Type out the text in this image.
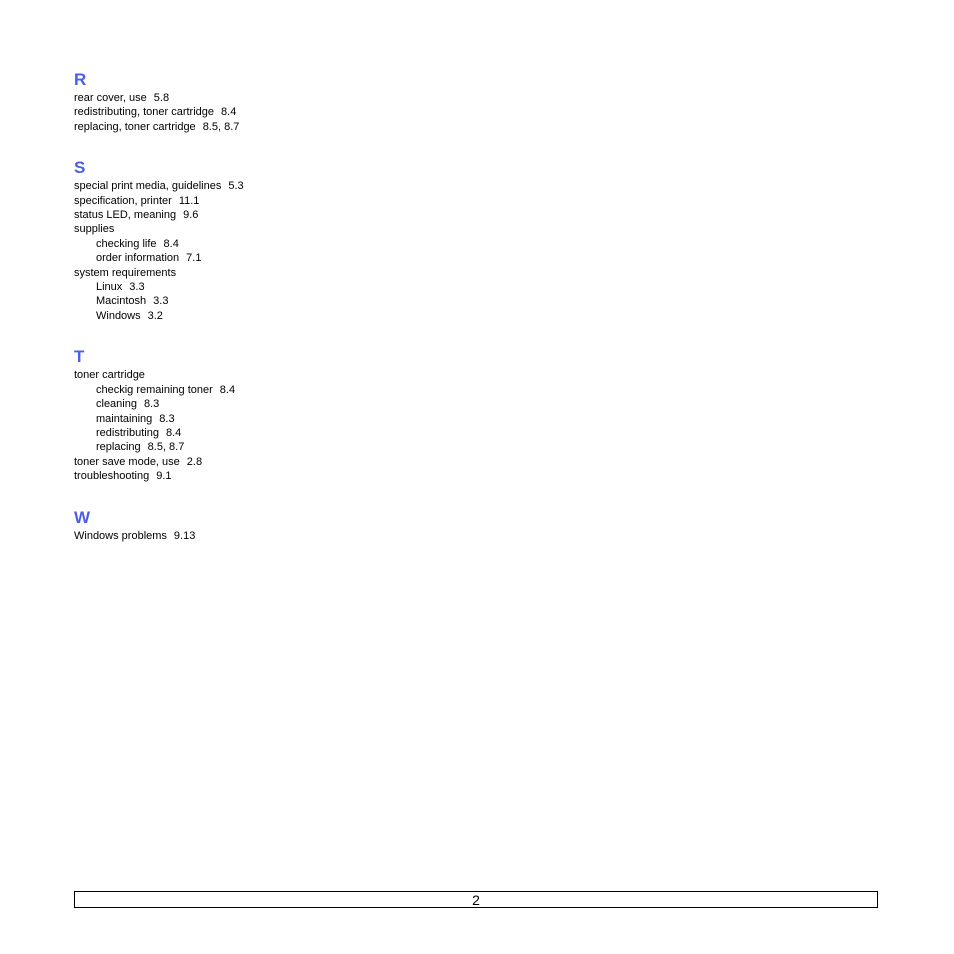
R
rear cover, use 5.8
redistributing, toner cartridge 8.4
replacing, toner cartridge 8.5, 8.7
S
special print media, guidelines 5.3
specification, printer 11.1
status LED, meaning 9.6
supplies
checking life 8.4
order information 7.1
system requirements
Linux 3.3
Macintosh 3.3
Windows 3.2
T
toner cartridge
checkig remaining toner 8.4
cleaning 8.3
maintaining 8.3
redistributing 8.4
replacing 8.5, 8.7
toner save mode, use 2.8
troubleshooting 9.1
W
Windows problems 9.13
2
